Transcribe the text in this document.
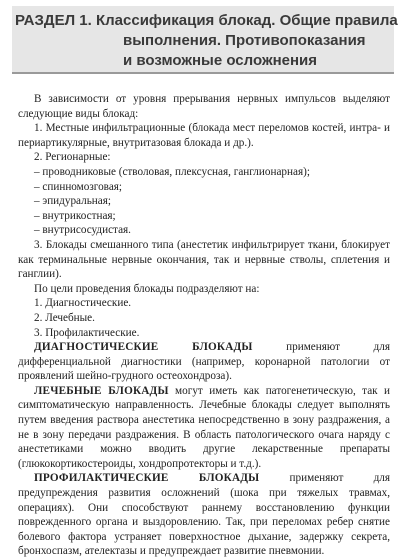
РАЗДЕЛ 1. Классификация блокад. Общие правила
выполнения. Противопоказания
и возможные осложнения

В зависимости от уровня прерывания нервных импульсов выделяют следующие виды блокад:

1. Местные инфильтрационные (блокада мест переломов костей, интра- и периартикулярные, внутритазовая блокада и др.).

2. Регионарные:

– проводниковые (стволовая, плексусная, ганглионарная);

– спинномозговая;

– эпидуральная;

– внутрикостная;

– внутрисосудистая.

3. Блокады смешанного типа (анестетик инфильтрирует ткани, блокирует как терминальные нервные окончания, так и нервные стволы, сплетения и ганглии).

По цели проведения блокады подразделяют на:

1. Диагностические.

2. Лечебные.

3. Профилактические.

ДИАГНОСТИЧЕСКИЕ БЛОКАДЫ применяют для дифференциальной диагностики (например, коронарной патологии от проявлений шейно-грудного остеохондроза).

ЛЕЧЕБНЫЕ БЛОКАДЫ могут иметь как патогенетическую, так и симптоматическую направленность. Лечебные блокады следует выполнять путем введения раствора анестетика непосредственно в зону раздражения, а не в зону передачи раздражения. В область патологического очага наряду с анестетиками можно вводить другие лекарственные препараты (глюкокортикостероиды, хондропротекторы и т.д.).

ПРОФИЛАКТИЧЕСКИЕ БЛОКАДЫ применяют для предупреждения развития осложнений (шока при тяжелых травмах, операциях). Они способствуют раннему восстановлению функции поврежденного органа и выздоровлению. Так, при переломах ребер снятие болевого фактора устраняет поверхностное дыхание, задержку секрета, бронхоспазм, ателектазы и предупреждает развитие пневмонии.
